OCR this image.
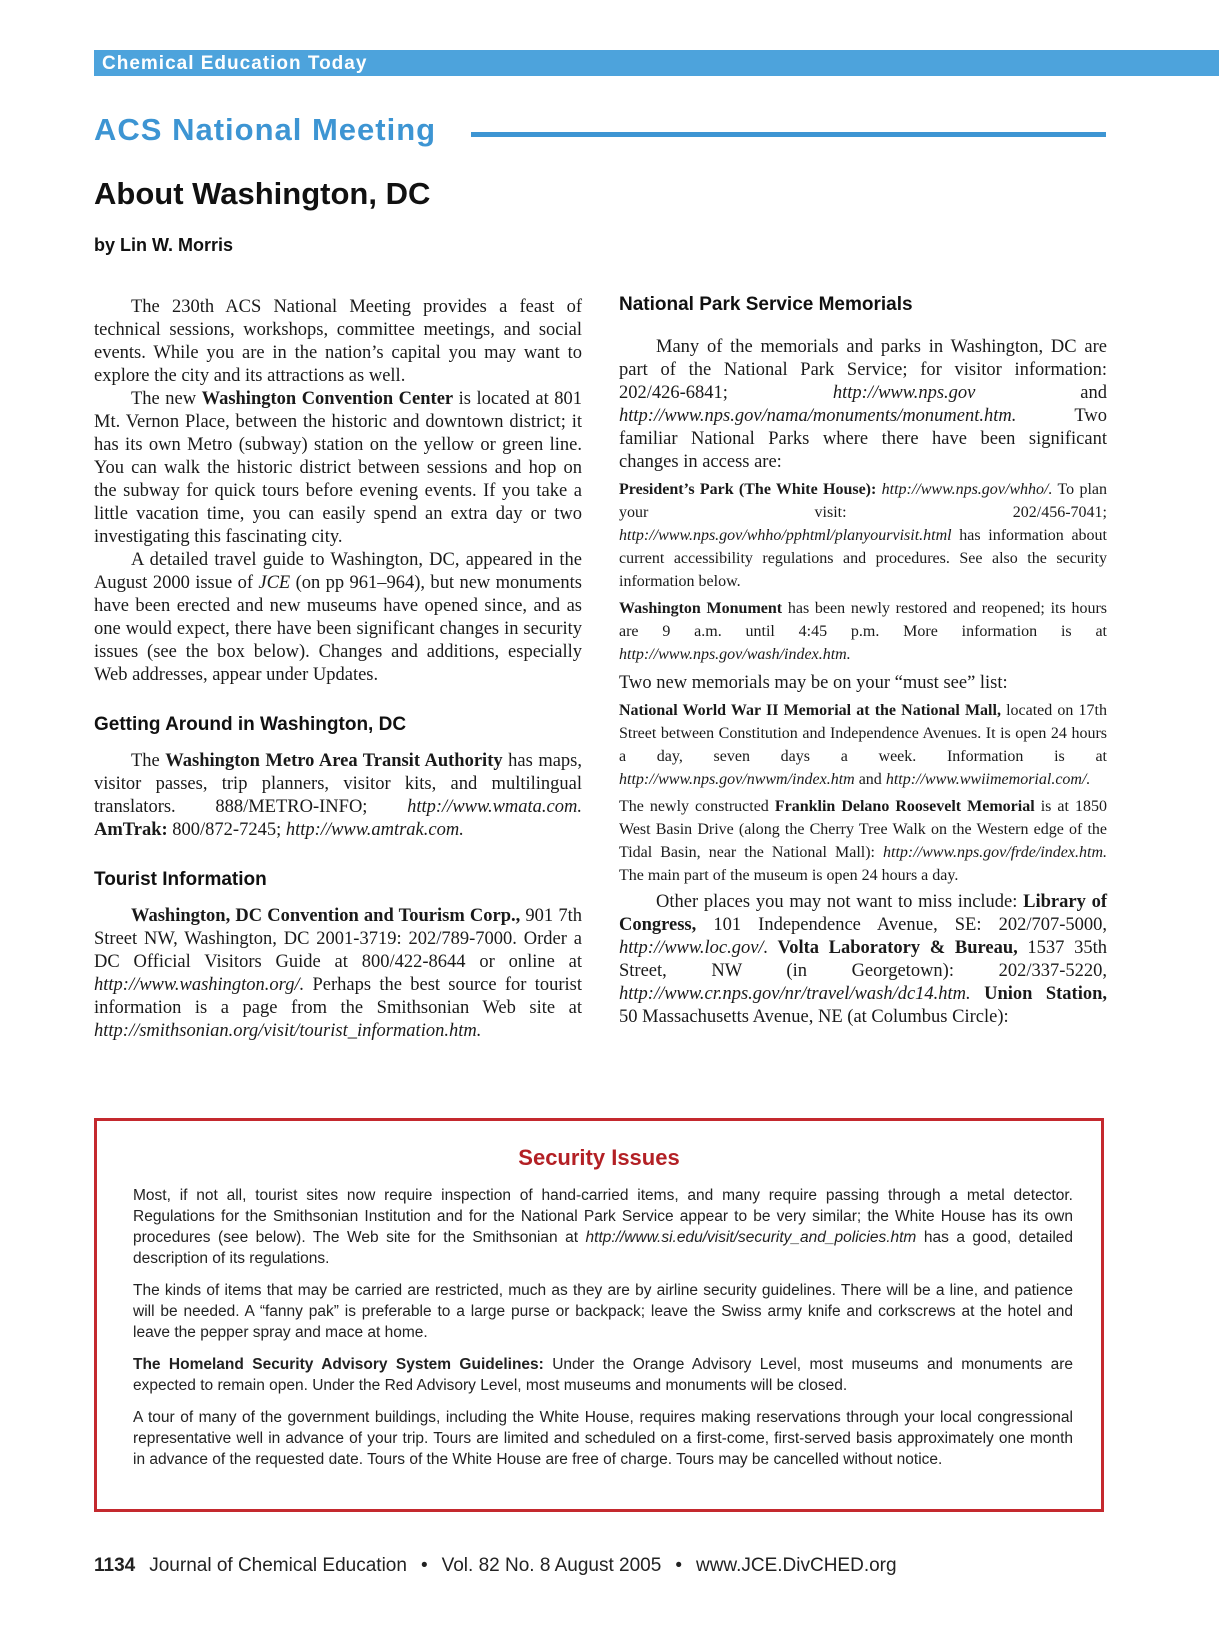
Chemical Education Today
ACS National Meeting
About Washington, DC
by Lin W. Morris

The 230th ACS National Meeting provides a feast of technical sessions, workshops, committee meetings, and social events. While you are in the nation’s capital you may want to explore the city and its attractions as well.

The new Washington Convention Center is located at 801 Mt. Vernon Place, between the historic and downtown district; it has its own Metro (subway) station on the yellow or green line. You can walk the historic district between sessions and hop on the subway for quick tours before evening events. If you take a little vacation time, you can easily spend an extra day or two investigating this fascinating city.

A detailed travel guide to Washington, DC, appeared in the August 2000 issue of JCE (on pp 961–964), but new monuments have been erected and new museums have opened since, and as one would expect, there have been significant changes in security issues (see the box below). Changes and additions, especially Web addresses, appear under Updates.

Getting Around in Washington, DC

The Washington Metro Area Transit Authority has maps, visitor passes, trip planners, visitor kits, and multilingual translators. 888/METRO-INFO; http://www.wmata.com. AmTrak: 800/872-7245; http://www.amtrak.com.

Tourist Information

Washington, DC Convention and Tourism Corp., 901 7th Street NW, Washington, DC 2001-3719: 202/789-7000. Order a DC Official Visitors Guide at 800/422-8644 or online at http://www.washington.org/. Perhaps the best source for tourist information is a page from the Smithsonian Web site at http://smithsonian.org/visit/tourist_information.htm.

National Park Service Memorials

Many of the memorials and parks in Washington, DC are part of the National Park Service; for visitor information: 202/426-6841; http://www.nps.gov and http://www.nps.gov/nama/monuments/monument.htm. Two familiar National Parks where there have been significant changes in access are:

President’s Park (The White House): http://www.nps.gov/whho/. To plan your visit: 202/456-7041; http://www.nps.gov/whho/pphtml/planyourvisit.html has information about current accessibility regulations and procedures. See also the security information below.

Washington Monument has been newly restored and reopened; its hours are 9 a.m. until 4:45 p.m. More information is at http://www.nps.gov/wash/index.htm.

Two new memorials may be on your “must see” list:

National World War II Memorial at the National Mall, located on 17th Street between Constitution and Independence Avenues. It is open 24 hours a day, seven days a week. Information is at http://www.nps.gov/nwwm/index.htm and http://www.wwiimemorial.com/.

The newly constructed Franklin Delano Roosevelt Memorial is at 1850 West Basin Drive (along the Cherry Tree Walk on the Western edge of the Tidal Basin, near the National Mall): http://www.nps.gov/frde/index.htm. The main part of the museum is open 24 hours a day.

Other places you may not want to miss include: Library of Congress, 101 Independence Avenue, SE: 202/707-5000, http://www.loc.gov/. Volta Laboratory & Bureau, 1537 35th Street, NW (in Georgetown): 202/337-5220, http://www.cr.nps.gov/nr/travel/wash/dc14.htm. Union Station, 50 Massachusetts Avenue, NE (at Columbus Circle):

Security Issues

Most, if not all, tourist sites now require inspection of hand-carried items, and many require passing through a metal detector. Regulations for the Smithsonian Institution and for the National Park Service appear to be very similar; the White House has its own procedures (see below). The Web site for the Smithsonian at http://www.si.edu/visit/security_and_policies.htm has a good, detailed description of its regulations.

The kinds of items that may be carried are restricted, much as they are by airline security guidelines. There will be a line, and patience will be needed. A “fanny pak” is preferable to a large purse or backpack; leave the Swiss army knife and corkscrews at the hotel and leave the pepper spray and mace at home.

The Homeland Security Advisory System Guidelines: Under the Orange Advisory Level, most museums and monuments are expected to remain open. Under the Red Advisory Level, most museums and monuments will be closed.

A tour of many of the government buildings, including the White House, requires making reservations through your local congressional representative well in advance of your trip. Tours are limited and scheduled on a first-come, first-served basis approximately one month in advance of the requested date. Tours of the White House are free of charge. Tours may be cancelled without notice.

1134 Journal of Chemical Education • Vol. 82 No. 8 August 2005 • www.JCE.DivCHED.org
